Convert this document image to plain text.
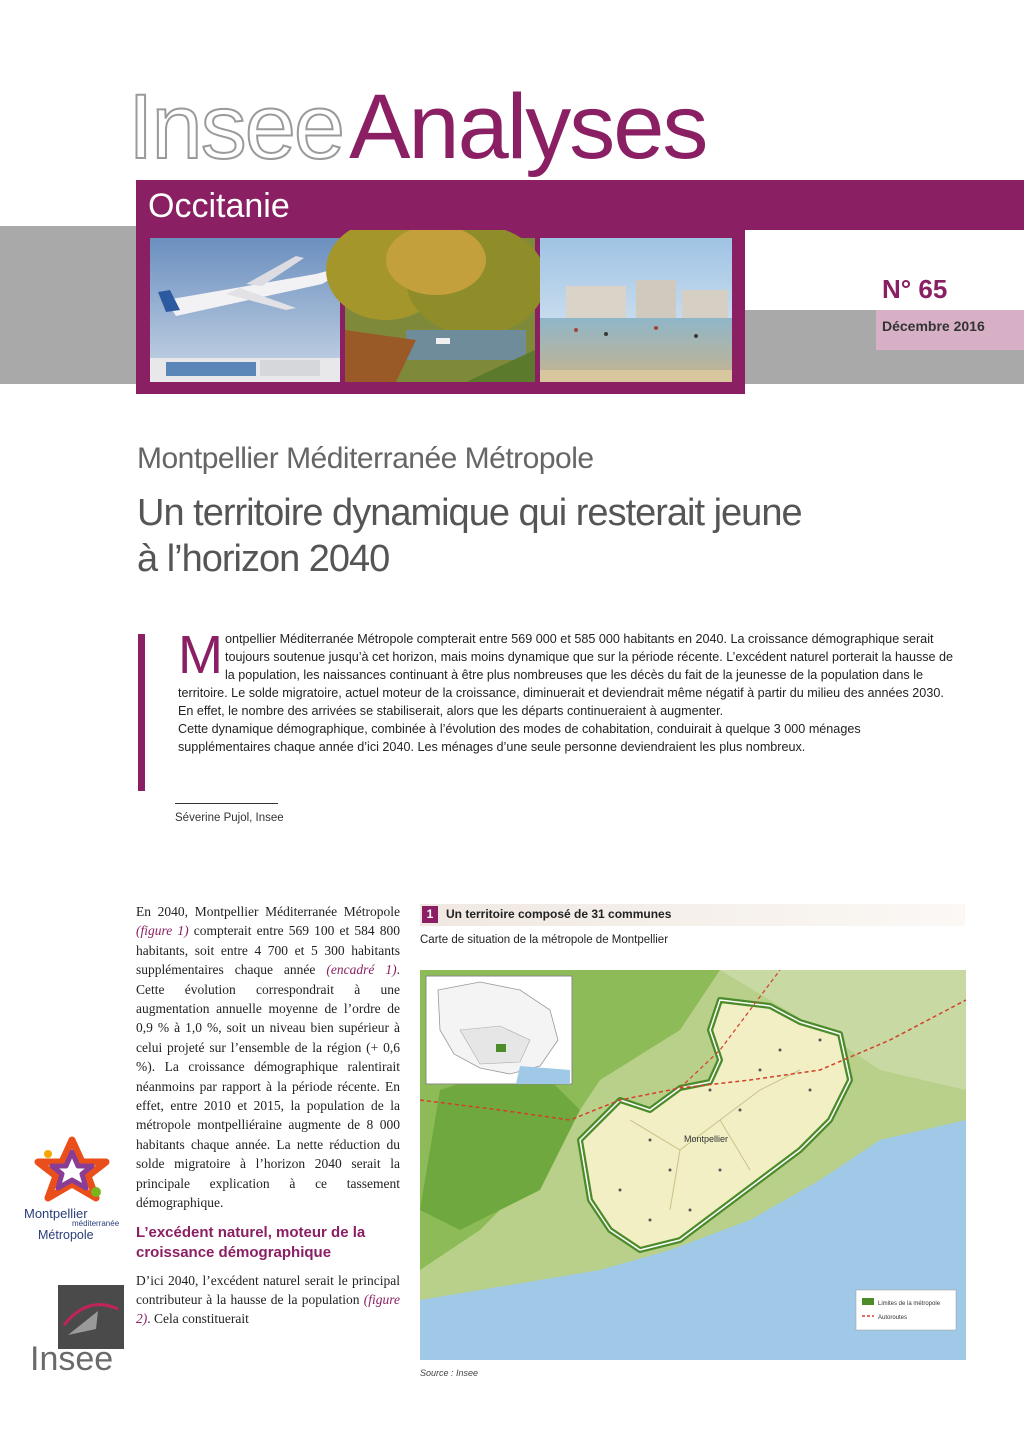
Occitanie
InseeAnalyses
N° 65
Décembre 2016
Montpellier Méditerranée Métropole
Un territoire dynamique qui resterait jeune
à l’horizon 2040
Montpellier Méditerranée Métropole compterait entre 569 000 et 585 000 habitants en 2040. La croissance démographique serait toujours soutenue jusqu’à cet horizon, mais moins dynamique que sur la période récente. L’excédent naturel porterait la hausse de la population, les naissances continuant à être plus nombreuses que les décès du fait de la jeunesse de la population dans le territoire. Le solde migratoire, actuel moteur de la croissance, diminuerait et deviendrait même négatif à partir du milieu des années 2030. En effet, le nombre des arrivées se stabiliserait, alors que les départs continueraient à augmenter.
Cette dynamique démographique, combinée à l’évolution des modes de cohabitation, conduirait à quelque 3 000 ménages supplémentaires chaque année d’ici 2040. Les ménages d’une seule personne deviendraient les plus nombreux.
Séverine Pujol, Insee

En 2040, Montpellier Méditerranée Métropole (figure 1) compterait entre 569 100 et 584 800 habitants, soit entre 4 700 et 5 300 habitants supplémentaires chaque année (encadré 1). Cette évolution correspondrait à une augmentation annuelle moyenne de l’ordre de 0,9 % à 1,0 %, soit un niveau bien supérieur à celui projeté sur l’ensemble de la région (+ 0,6 %). La croissance démographique ralentirait néanmoins par rapport à la période récente. En effet, entre 2010 et 2015, la population de la métropole montpelliéraine augmente de 8 000 habitants chaque année. La nette réduction du solde migratoire à l’horizon 2040 serait la principale explication à ce tassement démographique.

L’excédent naturel, moteur de la croissance démographique

D’ici 2040, l’excédent naturel serait le principal contributeur à la hausse de la population (figure 2). Cela constituerait

Montpellier
méditerranée
Métropole
Insee
1	Un territoire composé de 31 communes
Carte de situation de la métropole de Montpellier
Limites de la métropole
Autoroutes
Montpellier
Source : Insee
